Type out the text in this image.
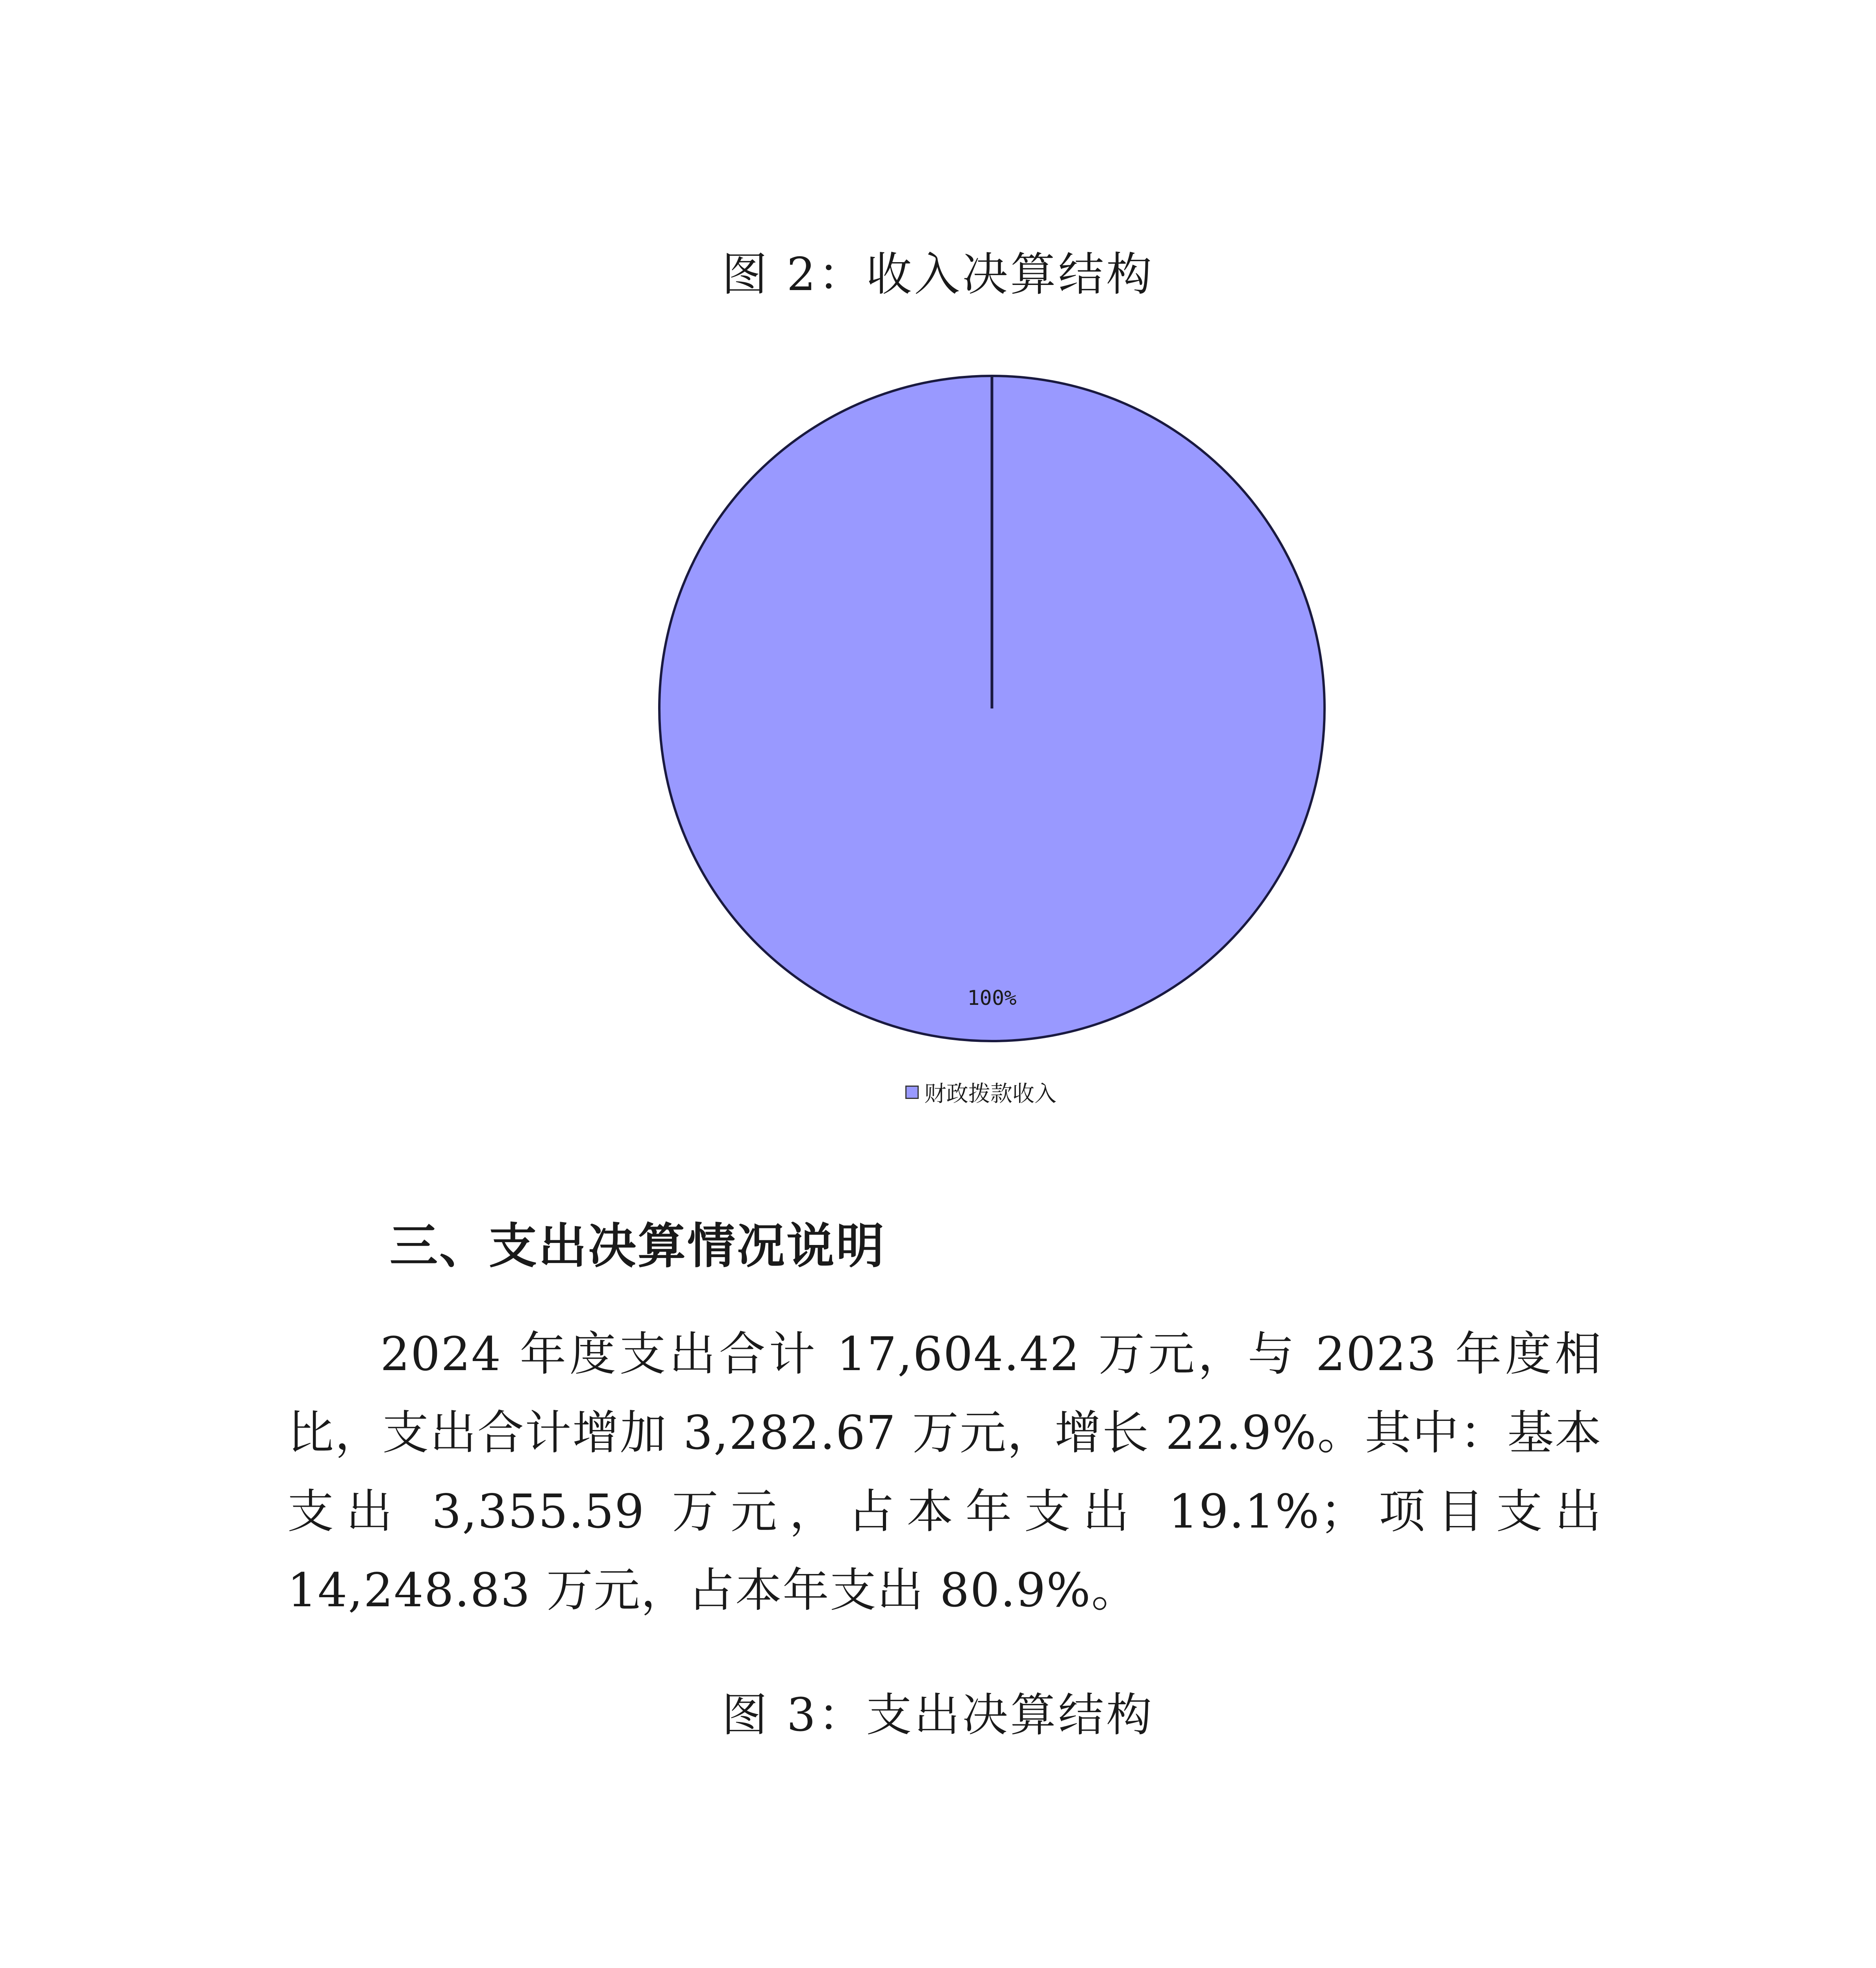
图 2：收入决算结构
100%
财政拨款收入
三、支出决算情况说明

2024 年度支出合计 17,604.42 万元，与 2023 年度相比，支出合计增加 3,282.67 万元，增长 22.9%。其中：基本支出 3,355.59 万元，占本年支出 19.1%；项目支出 14,248.83 万元，占本年支出 80.9%。

图 3：支出决算结构
